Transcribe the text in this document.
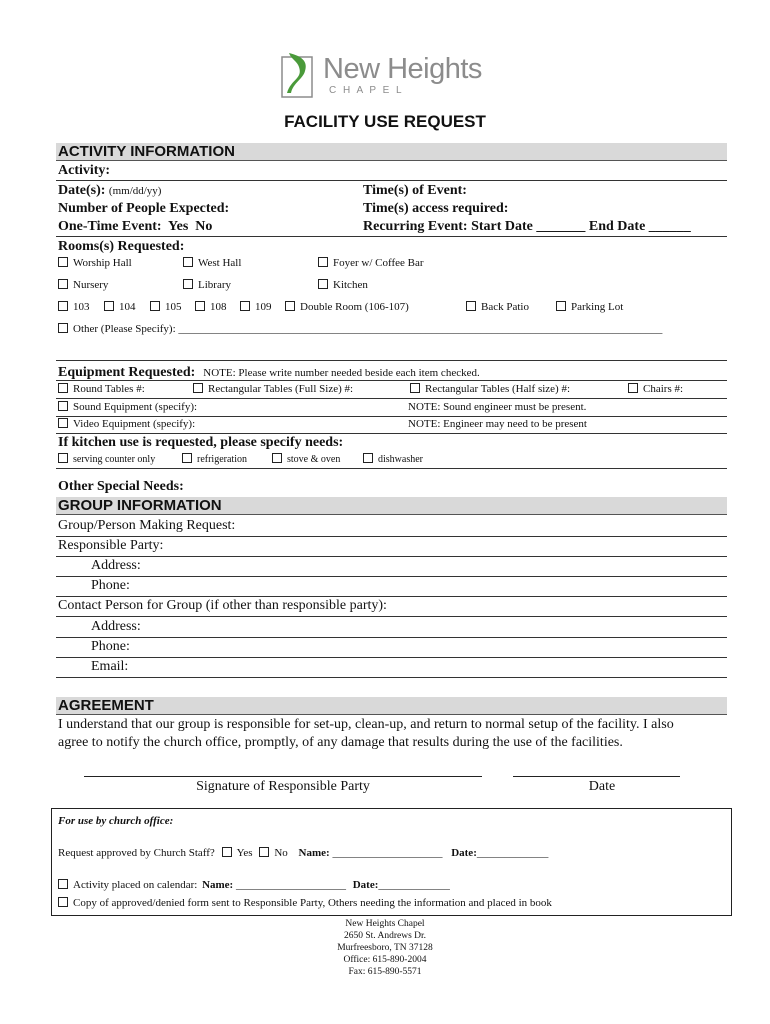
New Heights
C H A P E L
FACILITY USE REQUEST
ACTIVITY INFORMATION
Activity:
Date(s): (mm/dd/yy)	Time(s) of Event:
Number of People Expected:	Time(s) access required:
One-Time Event:  Yes  No	Recurring Event: Start Date _______ End Date ______
Rooms(s) Requested:
Worship Hall	West Hall	Foyer w/ Coffee Bar
Nursery	Library	Kitchen
103	104	105	108	109	Double Room (106-107)	Back Patio	Parking Lot
Other (Please Specify): ________________________________________________________________________________________
Equipment Requested: NOTE: Please write number needed beside each item checked.
Round Tables #:	Rectangular Tables (Full Size) #:	Rectangular Tables (Half size) #:	Chairs #:
Sound Equipment (specify):	NOTE: Sound engineer must be present.
Video Equipment (specify):	NOTE: Engineer may need to be present
If kitchen use is requested, please specify needs:
serving counter only	refrigeration	stove & oven	dishwasher
Other Special Needs:
GROUP INFORMATION
Group/Person Making Request:
Responsible Party:
Address:
Phone:
Contact Person for Group (if other than responsible party):
Address:
Phone:
Email:
AGREEMENT
I understand that our group is responsible for set-up, clean-up, and return to normal setup of the facility. I also
agree to notify the church office, promptly, of any damage that results during the use of the facilities.
Signature of Responsible Party	Date
For use by church office:
Request approved by Church Staff? Yes No Name: ____________________ Date:_____________
Activity placed on calendar: Name: ____________________ Date:_____________
Copy of approved/denied form sent to Responsible Party, Others needing the information and placed in book
New Heights Chapel
2650 St. Andrews Dr.
Murfreesboro, TN 37128
Office: 615-890-2004
Fax: 615-890-5571
